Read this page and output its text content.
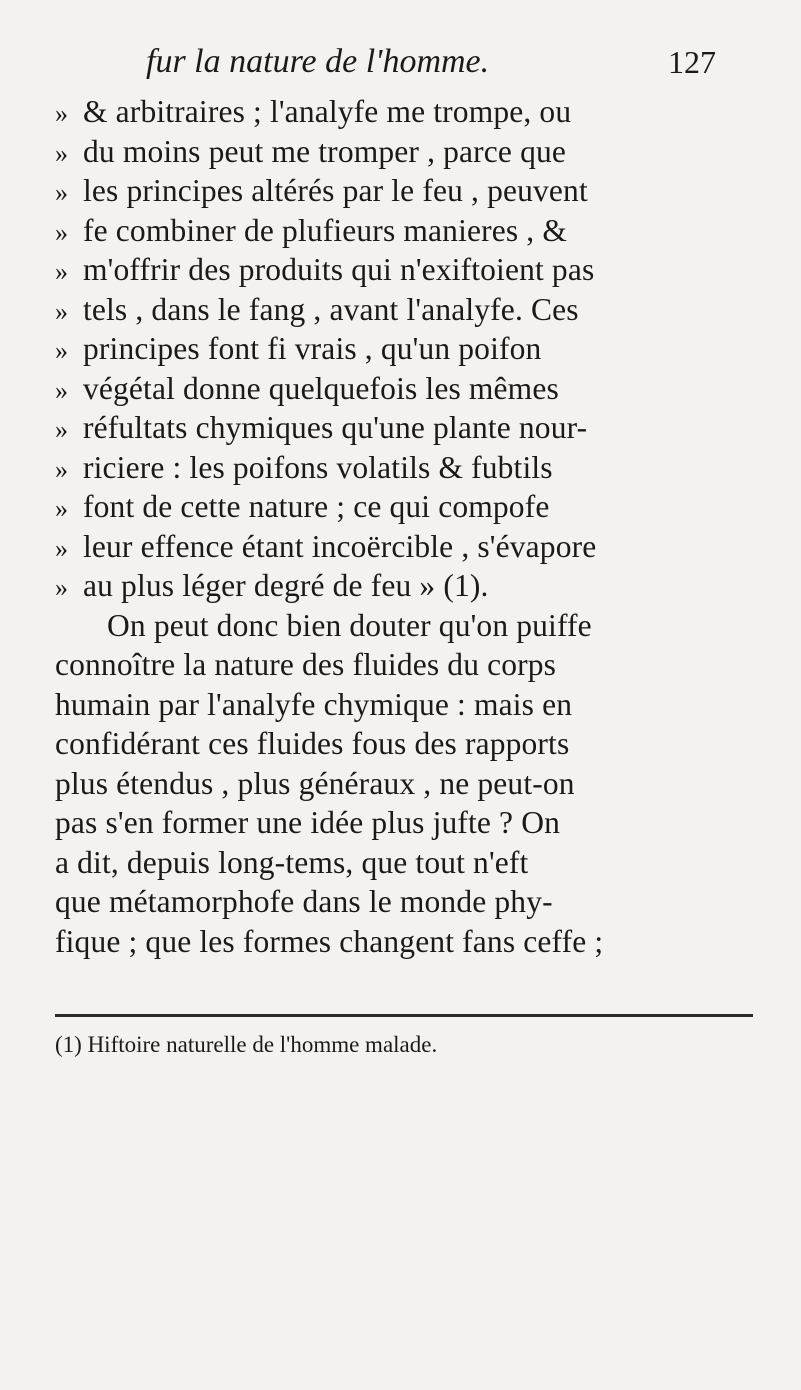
fur la nature de l'homme.	127
» & arbitraires ; l'analyfe me trompe, ou
» du moins peut me tromper , parce que
» les principes altérés par le feu , peuvent
» fe combiner de plufieurs manieres , &
» m'offrir des produits qui n'exiftoient pas
» tels , dans le fang , avant l'analyfe. Ces
» principes font fi vrais , qu'un poifon
» végétal donne quelquefois les mêmes
» réfultats chymiques qu'une plante nour-
» riciere : les poifons volatils & fubtils
» font de cette nature ; ce qui compofe
» leur effence étant incoërcible , s'évapore
» au plus léger degré de feu » (1).
On peut donc bien douter qu'on puiffe
connoître la nature des fluides du corps
humain par l'analyfe chymique : mais en
confidérant ces fluides fous des rapports
plus étendus , plus généraux , ne peut-on
pas s'en former une idée plus jufte ? On
a dit, depuis long-tems, que tout n'eft
que métamorphofe dans le monde phy-
fique ; que les formes changent fans ceffe ;
(1) Hiftoire naturelle de l'homme malade.
